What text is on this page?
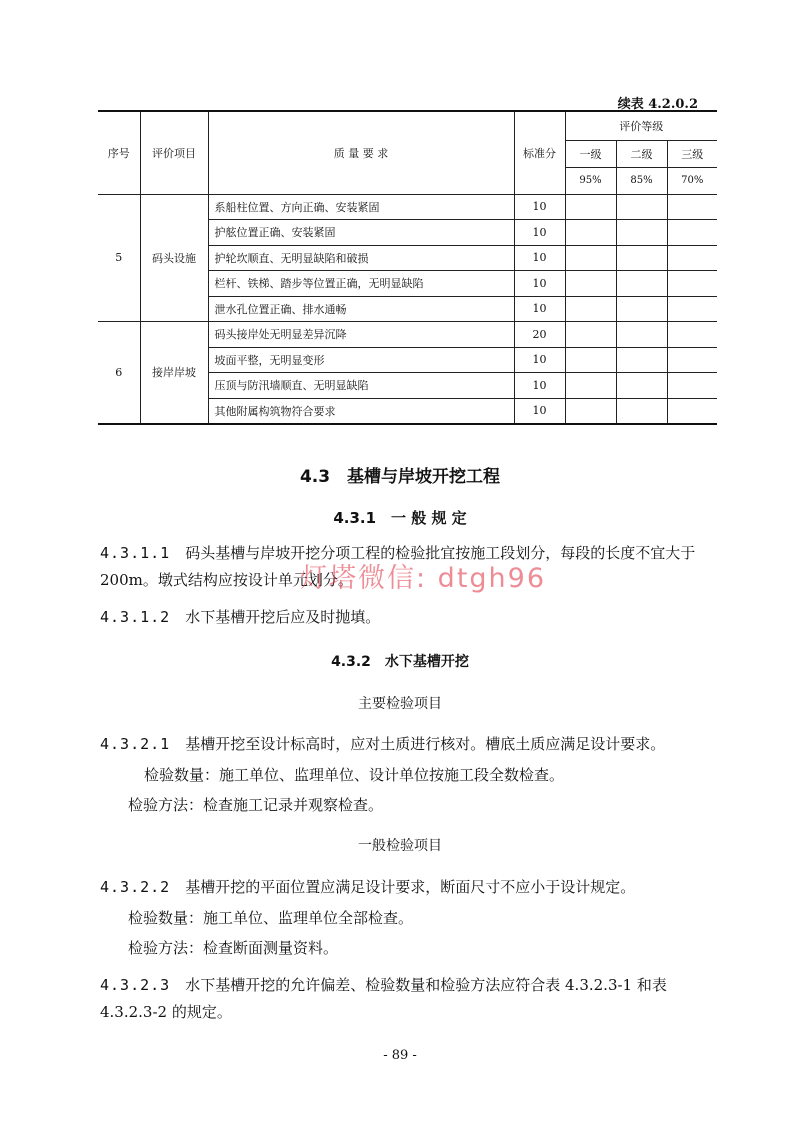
续表 4.2.0.2
序号	评价项目	质 量 要 求	标准分	评价等级		
				一级	二级	三级
				95%	85%	70%
5	码头设施	系船柱位置、方向正确、安装紧固	10			
		护舷位置正确、安装紧固	10			
		护轮坎顺直、无明显缺陷和破损	10			
		栏杆、铁梯、踏步等位置正确，无明显缺陷	10			
		泄水孔位置正确、排水通畅	10			
6	接岸岸坡	码头接岸处无明显差异沉降	20			
		坡面平整，无明显变形	10			
		压顶与防汛墙顺直、无明显缺陷	10			
		其他附属构筑物符合要求	10			
4.3　基槽与岸坡开挖工程
4.3.1　一 般 规 定
4.3.1.1　 码头基槽与岸坡开挖分项工程的检验批宜按施工段划分，每段的长度不宜大于
200m。墩式结构应按设计单元划分。
4.3.1.2　 水下基槽开挖后应及时抛填。
4.3.2　水下基槽开挖
主要检验项目
4.3.2.1　 基槽开挖至设计标高时，应对土质进行核对。槽底土质应满足设计要求。
检验数量：施工单位、监理单位、设计单位按施工段全数检查。
检验方法：检查施工记录并观察检查。
一般检验项目
4.3.2.2　 基槽开挖的平面位置应满足设计要求，断面尺寸不应小于设计规定。
检验数量：施工单位、监理单位全部检查。
检验方法：检查断面测量资料。
4.3.2.3　 水下基槽开挖的允许偏差、检验数量和检验方法应符合表 4.3.2.3-1 和表
4.3.2.3-2 的规定。
灯塔微信: dtgh96
- 89 -
